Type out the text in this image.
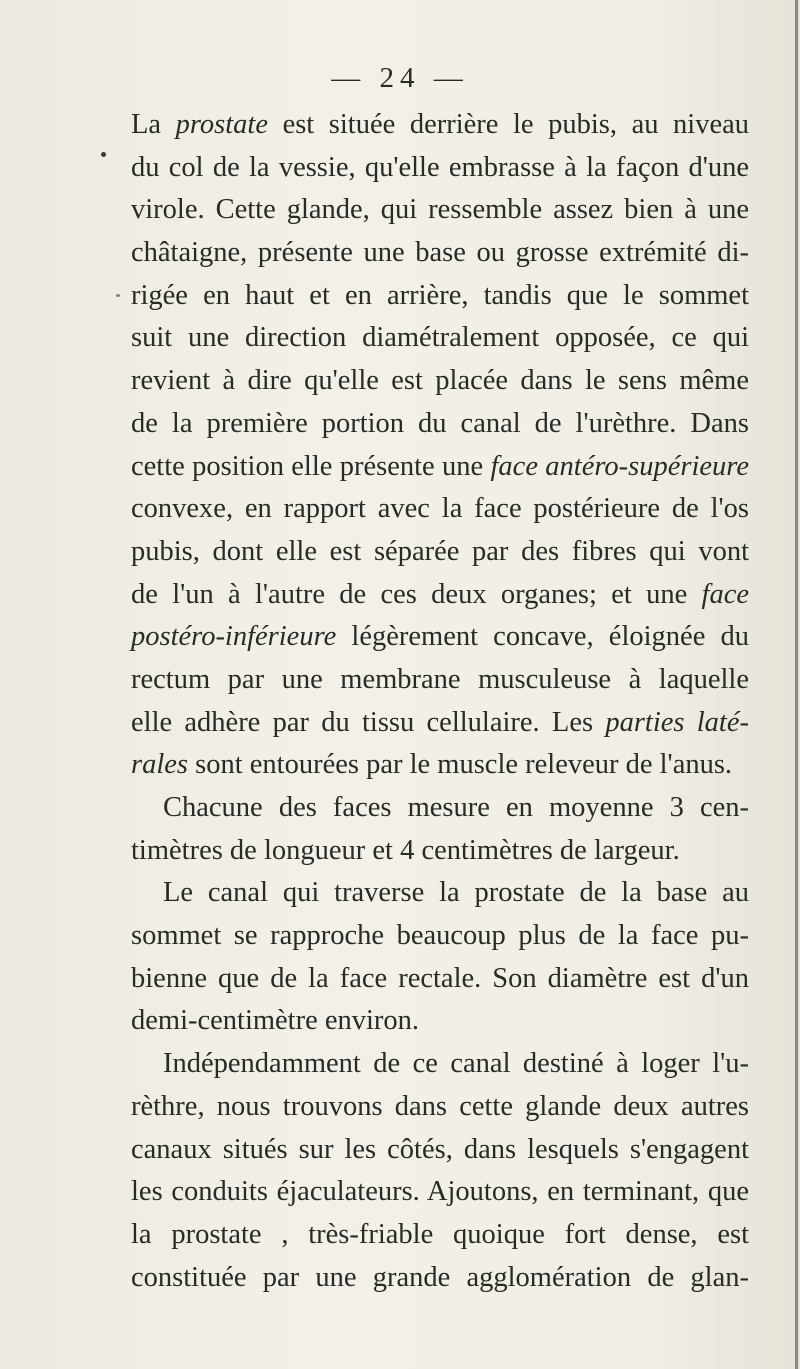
— 24 —
La prostate est située derrière le pubis, au niveau
du col de la vessie, qu'elle embrasse à la façon d'une
virole. Cette glande, qui ressemble assez bien à une
châtaigne, présente une base ou grosse extrémité di-
rigée en haut et en arrière, tandis que le sommet
suit une direction diamétralement opposée, ce qui
revient à dire qu'elle est placée dans le sens même
de la première portion du canal de l'urèthre. Dans
cette position elle présente une face antéro-supérieure
convexe, en rapport avec la face postérieure de l'os
pubis, dont elle est séparée par des fibres qui vont
de l'un à l'autre de ces deux organes; et une face
postéro-inférieure légèrement concave, éloignée du
rectum par une membrane musculeuse à laquelle
elle adhère par du tissu cellulaire. Les parties laté-
rales sont entourées par le muscle releveur de l'anus.
Chacune des faces mesure en moyenne 3 cen-
timètres de longueur et 4 centimètres de largeur.
Le canal qui traverse la prostate de la base au
sommet se rapproche beaucoup plus de la face pu-
bienne que de la face rectale. Son diamètre est d'un
demi-centimètre environ.
Indépendamment de ce canal destiné à loger l'u-
rèthre, nous trouvons dans cette glande deux autres
canaux situés sur les côtés, dans lesquels s'engagent
les conduits éjaculateurs. Ajoutons, en terminant, que
la prostate , très-friable quoique fort dense, est
constituée par une grande agglomération de glan-
